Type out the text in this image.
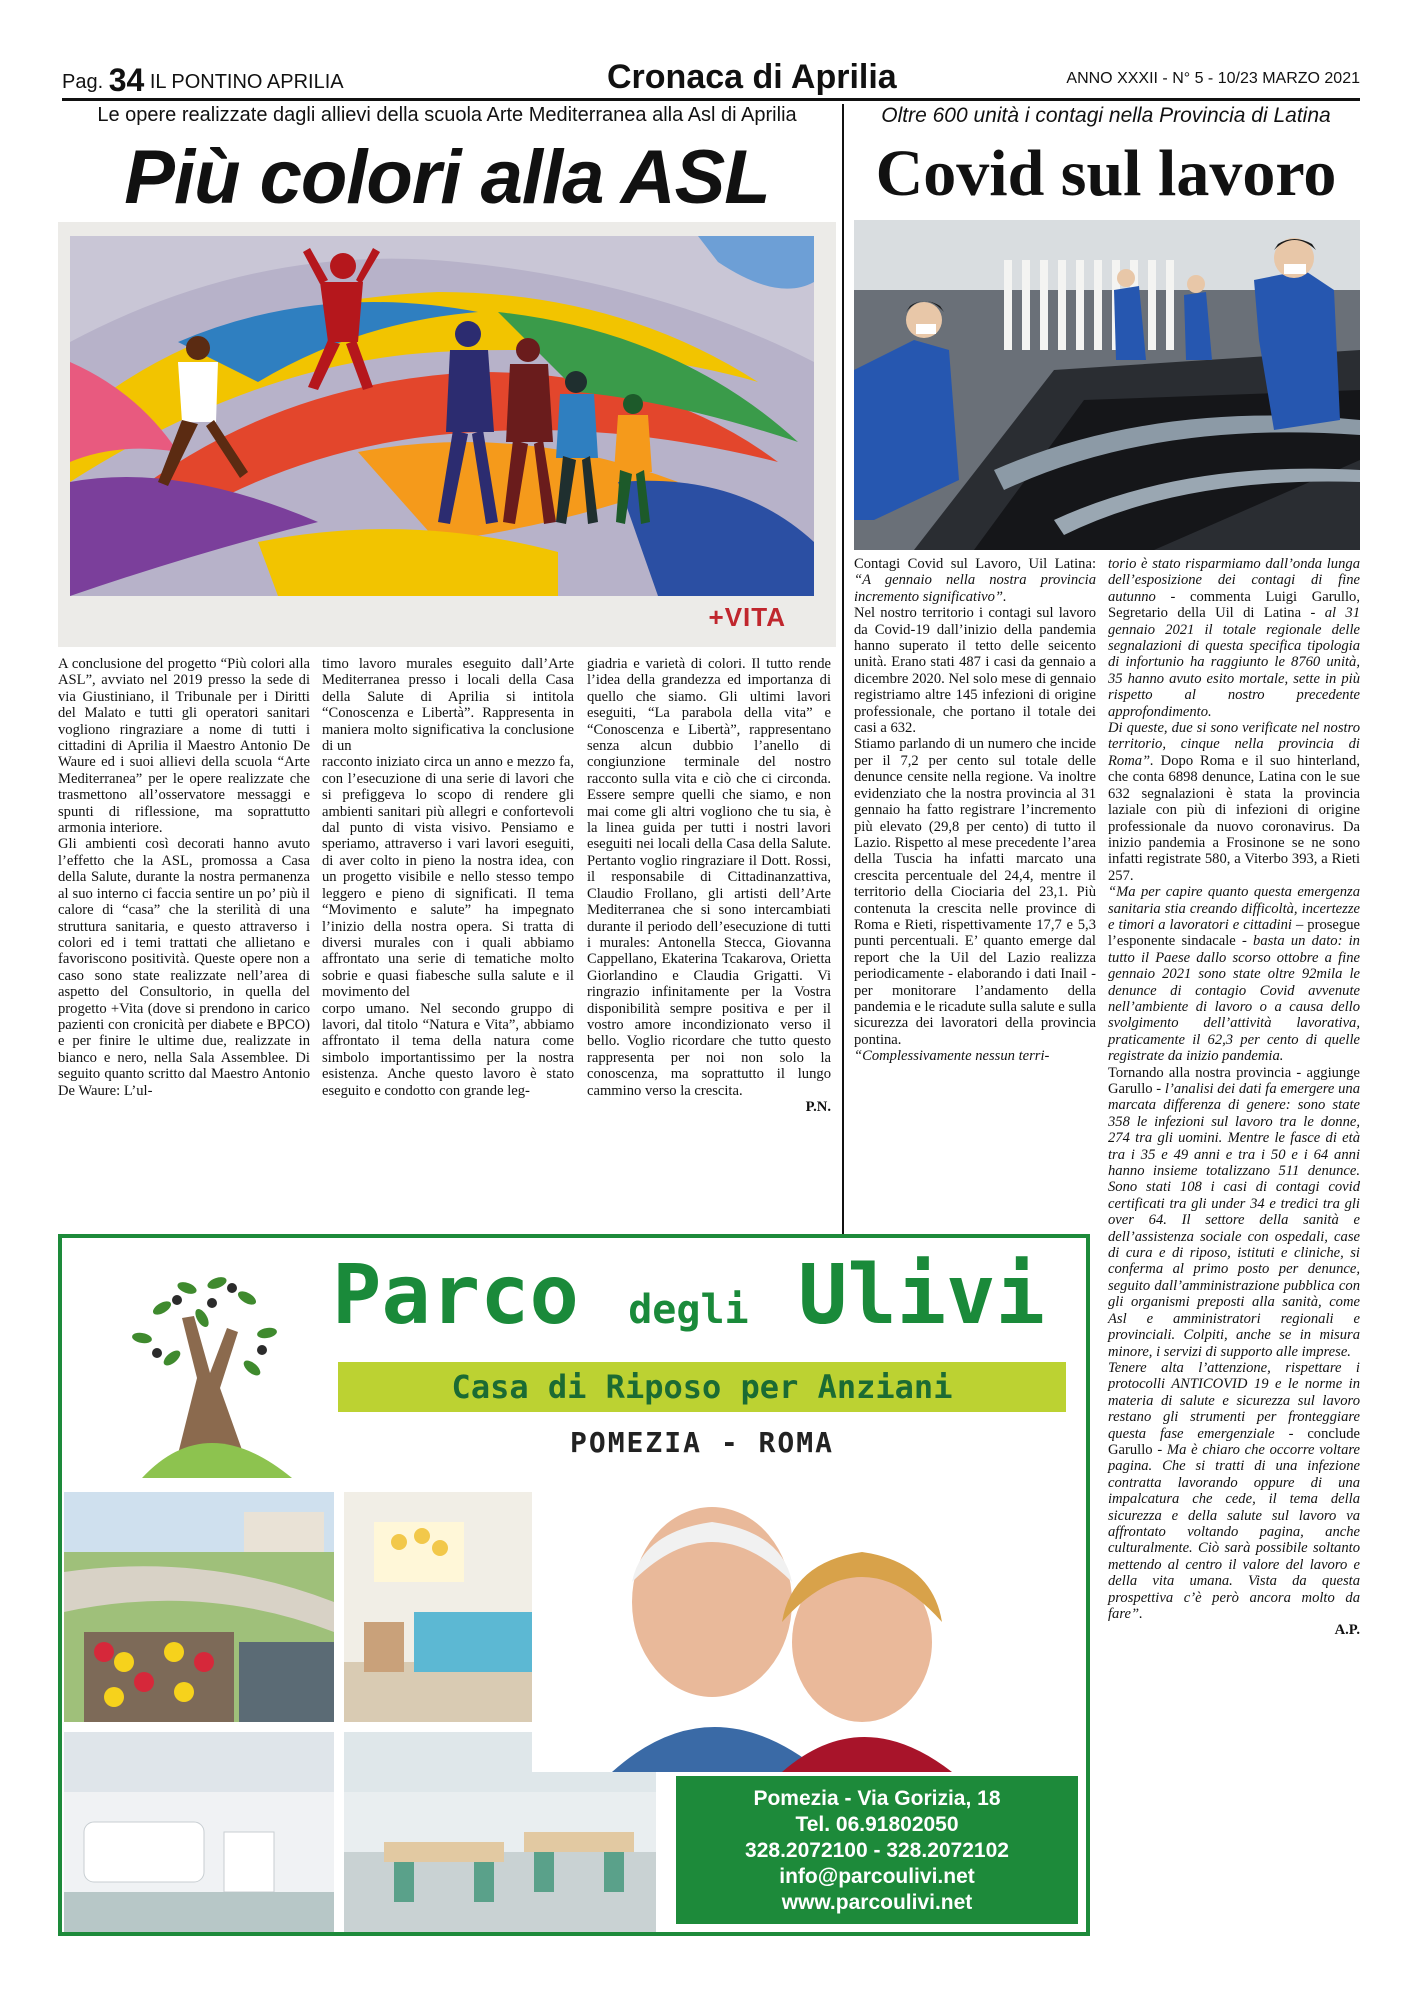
Pag. 34 IL PONTINO APRILIA	Cronaca di Aprilia	ANNO XXXII - N° 5 - 10/23 MARZO 2021
Le opere realizzate dagli allievi della scuola Arte Mediterranea alla Asl di Aprilia
Più colori alla ASL
Oltre 600 unità i contagi nella Provincia di Latina
Covid sul lavoro
+VITA

A conclusione del progetto “Più colori alla ASL”, avviato nel 2019 presso la sede di via Giustiniano, il Tribunale per i Diritti del Malato e tutti gli operatori sanitari vogliono ringraziare a nome di tutti i cittadini di Aprilia il Maestro Antonio De Waure ed i suoi allievi della scuola “Arte Mediterranea” per le opere realizzate che trasmettono all’osservatore messaggi e spunti di riflessione, ma soprattutto armonia interiore.

Gli ambienti così decorati hanno avuto l’effetto che la ASL, promossa a Casa della Salute, durante la nostra permanenza al suo interno ci faccia sentire un po’ più il calore di “casa” che la sterilità di una struttura sanitaria, e questo attraverso i colori ed i temi trattati che allietano e favoriscono positività. Queste opere non a caso sono state realizzate nell’area di aspetto del Consultorio, in quella del progetto +Vita (dove si prendono in carico pazienti con cronicità per diabete e BPCO) e per finire le ultime due, realizzate in bianco e nero, nella Sala Assemblee. Di seguito quanto scritto dal Maestro Antonio De Waure: L’ul-

timo lavoro murales eseguito dall’Arte Mediterranea presso i locali della Casa della Salute di Aprilia si intitola “Conoscenza e Libertà”. Rappresenta in maniera molto significativa la conclusione di un

racconto iniziato circa un anno e mezzo fa, con l’esecuzione di una serie di lavori che si prefiggeva lo scopo di rendere gli ambienti sanitari più allegri e confortevoli dal punto di vista visivo. Pensiamo e speriamo, attraverso i vari lavori eseguiti, di aver colto in pieno la nostra idea, con un progetto visibile e nello stesso tempo leggero e pieno di significati. Il tema “Movimento e salute” ha impegnato l’inizio della nostra opera. Si tratta di diversi murales con i quali abbiamo affrontato una serie di tematiche molto sobrie e quasi fiabesche sulla salute e il movimento del

corpo umano. Nel secondo gruppo di lavori, dal titolo “Natura e Vita”, abbiamo affrontato il tema della natura come simbolo importantissimo per la nostra esistenza. Anche questo lavoro è stato eseguito e condotto con grande leg-

giadria e varietà di colori. Il tutto rende l’idea della grandezza ed importanza di quello che siamo. Gli ultimi lavori eseguiti, “La parabola della vita” e “Conoscenza e Libertà”, rappresentano senza alcun dubbio l’anello di congiunzione terminale del nostro racconto sulla vita e ciò che ci circonda. Essere sempre quelli che siamo, e non mai come gli altri vogliono che tu sia, è la linea guida per tutti i nostri lavori eseguiti nei locali della Casa della Salute. Pertanto voglio ringraziare il Dott. Rossi, il responsabile di Cittadinanzattiva, Claudio Frollano, gli artisti dell’Arte Mediterranea che si sono intercambiati durante il periodo dell’esecuzione di tutti i murales: Antonella Stecca, Giovanna Cappellano, Ekaterina Tcakarova, Orietta Giorlandino e Claudia Grigatti. Vi ringrazio infinitamente per la Vostra disponibilità sempre positiva e per il vostro amore incondizionato verso il bello. Voglio ricordare che tutto questo rappresenta per noi non solo la conoscenza, ma soprattutto il lungo cammino verso la crescita.

P.N.

Contagi Covid sul Lavoro, Uil Latina: “A gennaio nella nostra provincia incremento significativo”.

Nel nostro territorio i contagi sul lavoro da Covid-19 dall’inizio della pandemia hanno superato il tetto delle seicento unità. Erano stati 487 i casi da gennaio a dicembre 2020. Nel solo mese di gennaio registriamo altre 145 infezioni di origine professionale, che portano il totale dei casi a 632.

Stiamo parlando di un numero che incide per il 7,2 per cento sul totale delle denunce censite nella regione. Va inoltre evidenziato che la nostra provincia al 31 gennaio ha fatto registrare l’incremento più elevato (29,8 per cento) di tutto il Lazio. Rispetto al mese precedente l’area della Tuscia ha infatti marcato una crescita percentuale del 24,4, mentre il territorio della Ciociaria del 23,1. Più contenuta la crescita nelle province di Roma e Rieti, rispettivamente 17,7 e 5,3 punti percentuali. E’ quanto emerge dal report che la Uil del Lazio realizza periodicamente - elaborando i dati Inail - per monitorare l’andamento della pandemia e le ricadute sulla salute e sulla sicurezza dei lavoratori della provincia pontina.

“Complessivamente nessun terri-

torio è stato risparmiamo dall’onda lunga dell’esposizione dei contagi di fine autunno - commenta Luigi Garullo, Segretario della Uil di Latina - al 31 gennaio 2021 il totale regionale delle segnalazioni di questa specifica tipologia di infortunio ha raggiunto le 8760 unità, 35 hanno avuto esito mortale, sette in più rispetto al nostro precedente approfondimento.
Di queste, due si sono verificate nel nostro territorio, cinque nella provincia di Roma”. Dopo Roma e il suo hinterland, che conta 6898 denunce, Latina con le sue 632 segnalazioni è stata la provincia laziale con più di infezioni di origine professionale da nuovo coronavirus. Da inizio pandemia a Frosinone se ne sono infatti registrate 580, a Viterbo 393, a Rieti 257.
“Ma per capire quanto questa emergenza sanitaria stia creando difficoltà, incertezze e timori a lavoratori e cittadini – prosegue l’esponente sindacale - basta un dato: in tutto il Paese dallo scorso ottobre a fine gennaio 2021 sono state oltre 92mila le denunce di contagio Covid avvenute nell’ambiente di lavoro o a causa dello svolgimento dell’attività lavorativa, praticamente il 62,3 per cento di quelle registrate da inizio pandemia.
Tornando alla nostra provincia - aggiunge Garullo - l’analisi dei dati fa emergere una marcata differenza di genere: sono state 358 le infezioni sul lavoro tra le donne, 274 tra gli uomini. Mentre le fasce di età tra i 35 e 49 anni e tra i 50 e i 64 anni hanno insieme totalizzano 511 denunce. Sono stati 108 i casi di contagi covid certificati tra gli under 34 e tredici tra gli over 64. Il settore della sanità e dell’assistenza sociale con ospedali, case di cura e di riposo, istituti e cliniche, si conferma al primo posto per denunce, seguito dall’amministrazione pubblica con gli organismi preposti alla sanità, come Asl e amministratori regionali e provinciali. Colpiti, anche se in misura minore, i servizi di supporto alle imprese.
Tenere alta l’attenzione, rispettare i protocolli ANTICOVID 19 e le norme in materia di salute e sicurezza sul lavoro restano gli strumenti per fronteggiare questa fase emergenziale - conclude Garullo - Ma è chiaro che occorre voltare pagina. Che si tratti di una infezione contratta lavorando oppure di una impalcatura che cede, il tema della sicurezza e della salute sul lavoro va affrontato voltando pagina, anche culturalmente. Ciò sarà possibile soltanto mettendo al centro il valore del lavoro e della vita umana. Vista da questa prospettiva c’è però ancora molto da fare”.

A.P.

Parco degli Ulivi
Casa di Riposo per Anziani
POMEZIA - ROMA
Pomezia - Via Gorizia, 18
Tel. 06.91802050
328.2072100 - 328.2072102
info@parcoulivi.net
www.parcoulivi.net
